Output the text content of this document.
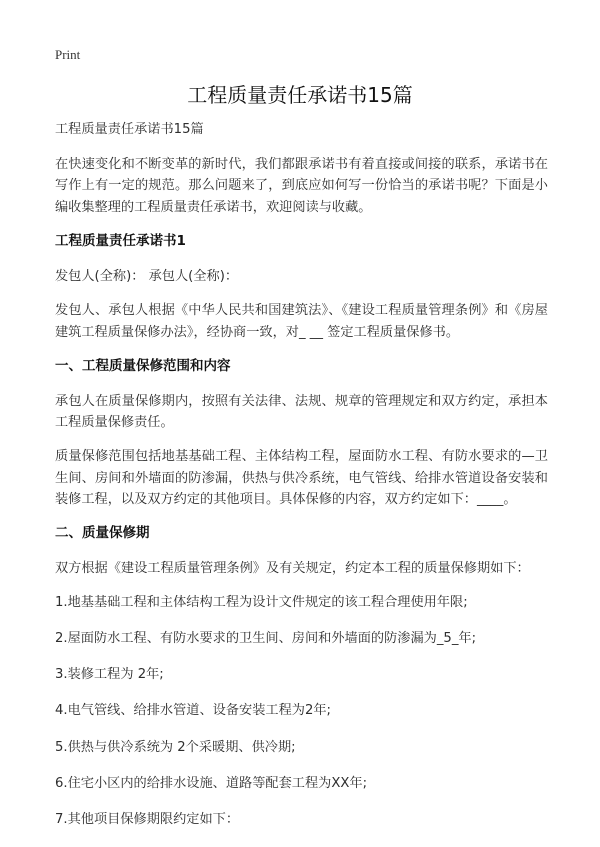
Print
工程质量责任承诺书15篇

工程质量责任承诺书15篇

在快速变化和不断变革的新时代，我们都跟承诺书有着直接或间接的联系，承诺书在写作上有一定的规范。那么问题来了，到底应如何写一份恰当的承诺书呢？下面是小编收集整理的工程质量责任承诺书，欢迎阅读与收藏。

工程质量责任承诺书1

发包人(全称)： 承包人(全称)：

发包人、承包人根据《中华人民共和国建筑法》、《建设工程质量管理条例》和《房屋建筑工程质量保修办法》，经协商一致，对_ __ 签定工程质量保修书。

一、工程质量保修范围和内容

承包人在质量保修期内，按照有关法律、法规、规章的管理规定和双方约定，承担本工程质量保修责任。

质量保修范围包括地基基础工程、主体结构工程，屋面防水工程、有防水要求的—卫生间、房间和外墙面的防渗漏，供热与供冷系统，电气管线、给排水管道设备安装和装修工程，以及双方约定的其他项目。具体保修的内容，双方约定如下：____。

二、质量保修期

双方根据《建设工程质量管理条例》及有关规定，约定本工程的质量保修期如下：

1.地基基础工程和主体结构工程为设计文件规定的该工程合理使用年限;

2.屋面防水工程、有防水要求的卫生间、房间和外墙面的防渗漏为_5_年;

3.装修工程为 2年;

4.电气管线、给排水管道、设备安装工程为2年;

5.供热与供冷系统为 2个采暖期、供冷期;

6.住宅小区内的给排水设施、道路等配套工程为XX年;

7.其他项目保修期限约定如下：
